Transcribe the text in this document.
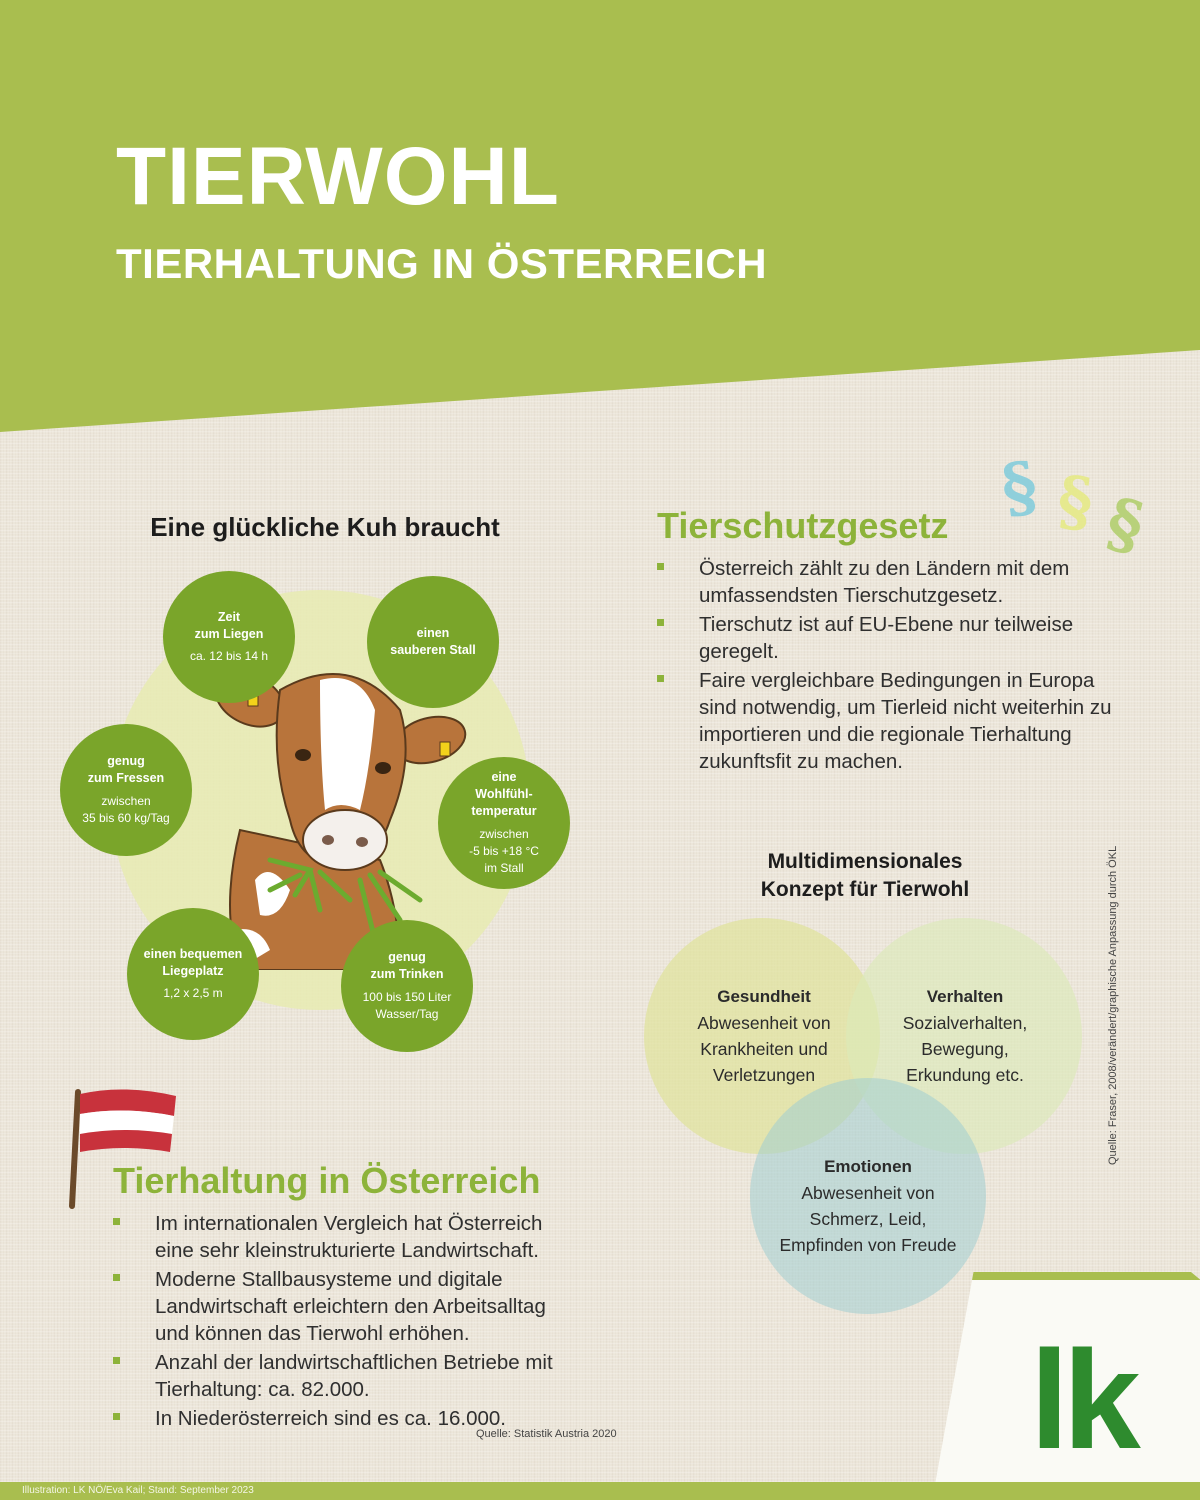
TIERWOHL
TIERHALTUNG IN ÖSTERREICH
Eine glückliche Kuh braucht
Zeit
zum Liegen
ca. 12 bis 14 h
einen
sauberen Stall
genug
zum Fressen
zwischen
35 bis 60 kg/Tag
eine
Wohlfühl-
temperatur
zwischen
-5 bis +18 °C
im Stall
einen bequemen
Liegeplatz
1,2 x 2,5 m
genug
zum Trinken
100 bis 150 Liter
Wasser/Tag
§ § §
Tierschutzgesetz
Österreich zählt zu den Ländern mit dem umfassendsten Tierschutzgesetz.
Tierschutz ist auf EU-Ebene nur teilweise geregelt.
Faire vergleichbare Bedingungen in Europa sind notwendig, um Tierleid nicht weiterhin zu importieren und die regionale Tierhaltung zukunftsfit zu machen.
Multidimensionales
Konzept für Tierwohl
Gesundheit
Abwesenheit von Krankheiten und Verletzungen
Verhalten
Sozialverhalten, Bewegung, Erkundung etc.
Emotionen
Abwesenheit von Schmerz, Leid, Empfinden von Freude
Quelle: Fraser, 2008/verändert/graphische Anpassung durch ÖKL
Tierhaltung in Österreich
Im internationalen Vergleich hat Österreich eine sehr kleinstrukturierte Landwirtschaft.
Moderne Stallbausysteme und digitale Landwirtschaft erleichtern den Arbeitsalltag und können das Tierwohl erhöhen.
Anzahl der landwirtschaftlichen Betriebe mit Tierhaltung: ca. 82.000.
In Niederösterreich sind es ca. 16.000.
Quelle: Statistik Austria 2020	lk
Illustration: LK NÖ/Eva Kail; Stand: September 2023
